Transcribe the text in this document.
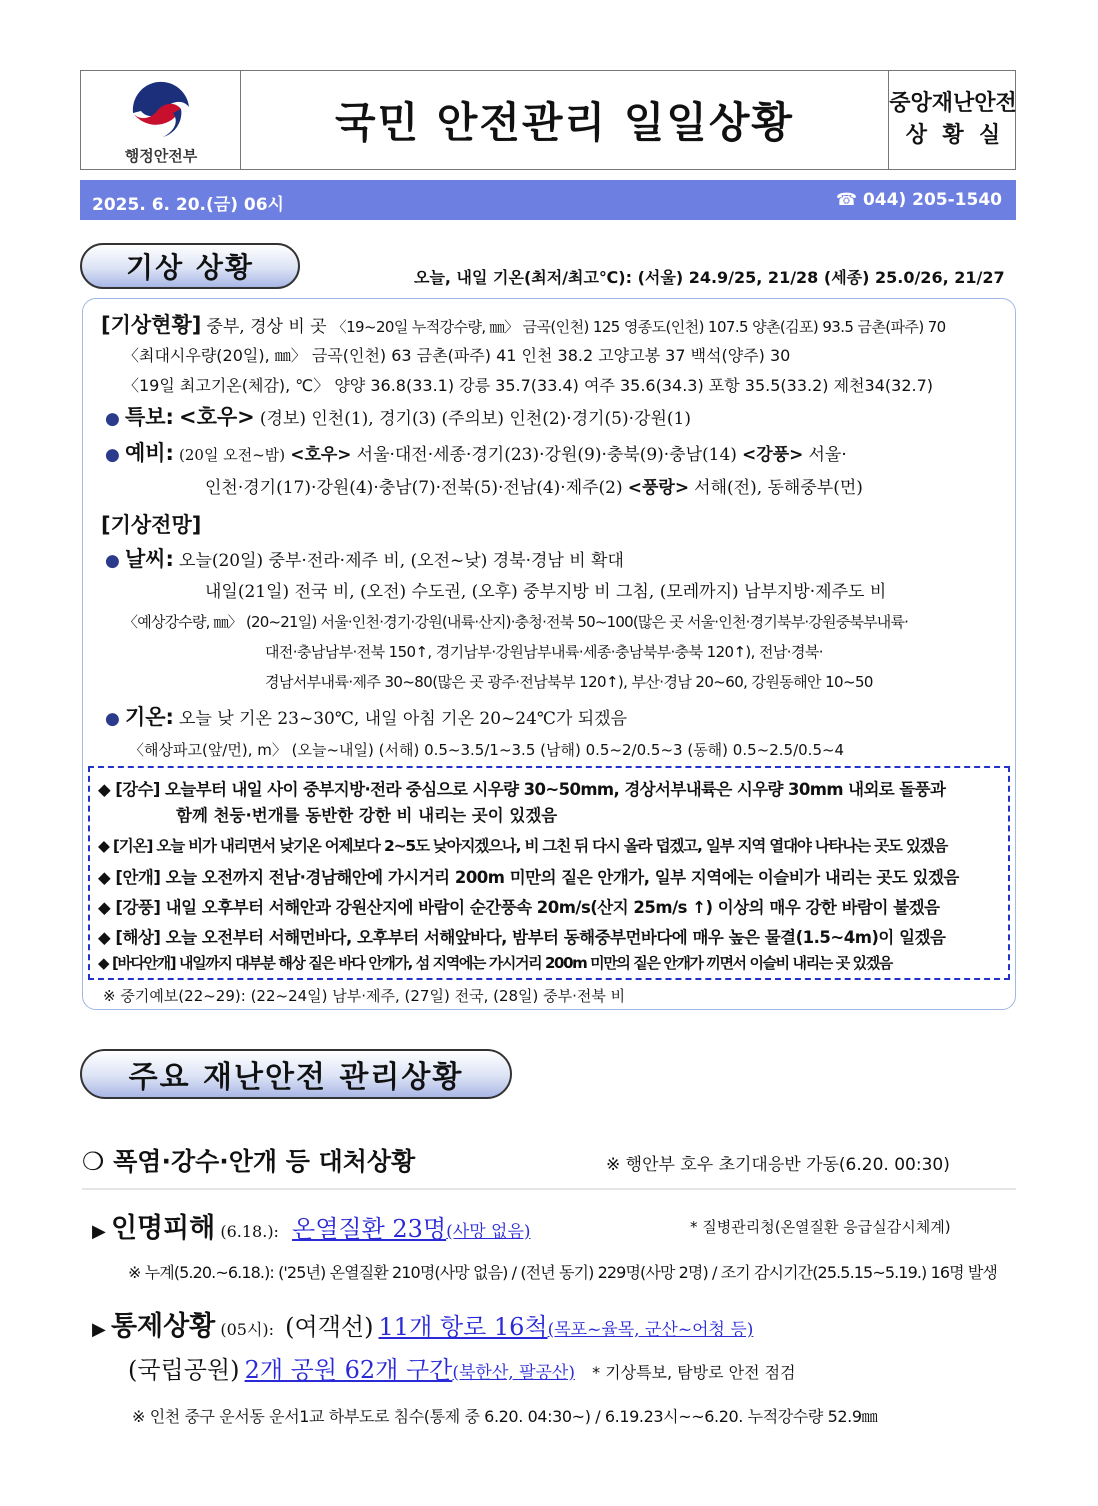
행정안전부
국민 안전관리 일일상황	중앙재난안전
상  황  실
2025. 6. 20.(금) 06시	☎ 044) 205-1540
기상 상황	오늘, 내일 기온(최저/최고℃): (서울) 24.9/25, 21/28 (세종) 25.0/26, 21/27
[기상현황] 중부, 경상 비 곳 〈19~20일 누적강수량, ㎜〉 금곡(인천) 125 영종도(인천) 107.5 양촌(김포) 93.5 금촌(파주) 70
〈최대시우량(20일), ㎜〉 금곡(인천) 63 금촌(파주) 41 인천 38.2 고양고봉 37 백석(양주) 30
〈19일 최고기온(체감), ℃〉 양양 36.8(33.1) 강릉 35.7(33.4) 여주 35.6(34.3) 포항 35.5(33.2) 제천34(32.7)
● 특보: <호우> (경보) 인천(1), 경기(3) (주의보) 인천(2)·경기(5)·강원(1)
● 예비: (20일 오전~밤) <호우> 서울·대전·세종·경기(23)·강원(9)·충북(9)·충남(14) <강풍> 서울·
인천·경기(17)·강원(4)·충남(7)·전북(5)·전남(4)·제주(2) <풍랑> 서해(전), 동해중부(먼)
[기상전망]
● 날씨: 오늘(20일) 중부·전라·제주 비, (오전~낮) 경북·경남 비 확대
내일(21일) 전국 비, (오전) 수도권, (오후) 중부지방 비 그침, (모레까지) 남부지방·제주도 비
〈예상강수량, ㎜〉 (20~21일) 서울·인천·경기·강원(내륙·산지)·충청·전북 50~100(많은 곳 서울·인천·경기북부·강원중북부내륙·
대전·충남남부·전북 150↑, 경기남부·강원남부내륙·세종·충남북부·충북 120↑), 전남·경북·
경남서부내륙·제주 30~80(많은 곳 광주·전남북부 120↑), 부산·경남 20~60, 강원동해안 10~50
● 기온: 오늘 낮 기온 23~30℃, 내일 아침 기온 20~24℃가 되겠음
〈해상파고(앞/먼), m〉 (오늘~내일) (서해) 0.5~3.5/1~3.5 (남해) 0.5~2/0.5~3 (동해) 0.5~2.5/0.5~4
※ 중기예보(22~29): (22~24일) 남부·제주, (27일) 전국, (28일) 중부·전북 비
◆ [강수] 오늘부터 내일 사이 중부지방·전라 중심으로 시우량 30~50mm, 경상서부내륙은 시우량 30mm 내외로 돌풍과
함께 천둥·번개를 동반한 강한 비 내리는 곳이 있겠음
◆ [기온] 오늘 비가 내리면서 낮기온 어제보다 2~5도 낮아지겠으나, 비 그친 뒤 다시 올라 덥겠고, 일부 지역 열대야 나타나는 곳도 있겠음
◆ [안개] 오늘 오전까지 전남·경남해안에 가시거리 200m 미만의 짙은 안개가, 일부 지역에는 이슬비가 내리는 곳도 있겠음
◆ [강풍] 내일 오후부터 서해안과 강원산지에 바람이 순간풍속 20m/s(산지 25m/s ↑) 이상의 매우 강한 바람이 불겠음
◆ [해상] 오늘 오전부터 서해먼바다, 오후부터 서해앞바다, 밤부터 동해중부먼바다에 매우 높은 물결(1.5~4m)이 일겠음
◆ [바다안개] 내일까지 대부분 해상 짙은 바다 안개가, 섬 지역에는 가시거리 200m 미만의 짙은 안개가 끼면서 이슬비 내리는 곳 있겠음
주요 재난안전 관리상황
❍ 폭염·강수·안개 등 대처상황	※ 행안부 호우 초기대응반 가동(6.20. 00:30)
▶ 인명피해 (6.18.): 온열질환 23명(사망 없음)	* 질병관리청(온열질환 응급실감시체계)
※ 누계(5.20.~6.18.): ('25년) 온열질환 210명(사망 없음) / (전년 동기) 229명(사망 2명) / 조기 감시기간(25.5.15~5.19.) 16명 발생
▶ 통제상황 (05시): (여객선) 11개 항로 16척(목포~율목, 군산~어청 등)
(국립공원) 2개 공원 62개 구간(북한산, 팔공산) * 기상특보, 탐방로 안전 점검
※ 인천 중구 운서동 운서1교 하부도로 침수(통제 중 6.20. 04:30~) / 6.19.23시~~6.20. 누적강수량 52.9㎜
